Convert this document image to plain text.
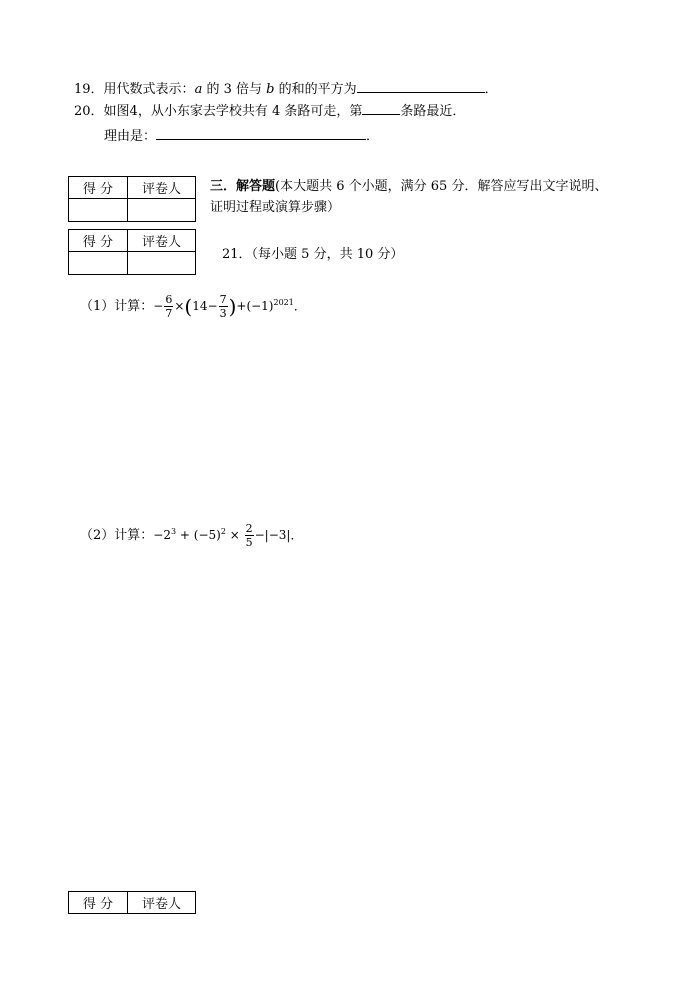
19．用代数式表示：a 的 3 倍与 b 的和的平方为	．
20．如图4，从小东家去学校共有 4 条路可走，第	条路最近．
理由是：	．
得 分	评卷人

得 分	评卷人

三．解答题(本大题共 6 个小题，满分 65 分．解答应写出文字说明、
证明过程或演算步骤）
21．（每小题 5 分，共 10 分）
（1）计算：− $\frac{6}{7} \times(14- \frac{7}{3} )+(-1)^{2021}$．
（2）计算：$-2^3 + (-5)^2 \times \frac{2}{5} -|-3|$．
得 分	评卷人
